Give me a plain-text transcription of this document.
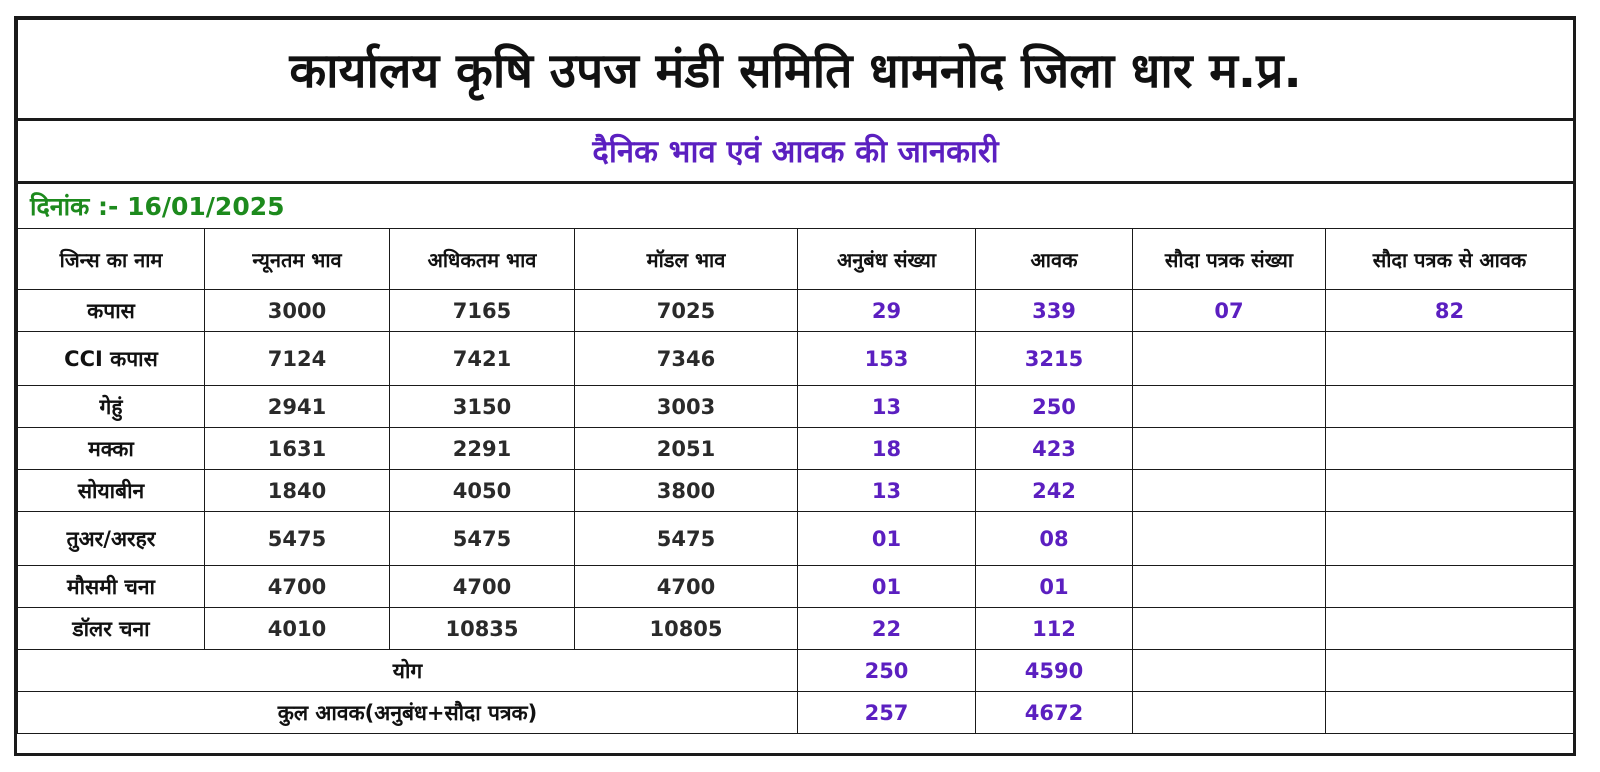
कार्यालय कृषि उपज मंडी समिति धामनोद जिला धार म.प्र.							
दैनिक भाव एवं आवक की जानकारी							
दिनांक :- 16/01/2025							
जिन्स का नाम	न्यूनतम भाव	अधिकतम भाव	मॉडल भाव	अनुबंध संख्या	आवक	सौदा पत्रक संख्या	सौदा पत्रक से आवक
कपास	3000	7165	7025	29	339	07	82
CCI कपास	7124	7421	7346	153	3215		
गेहुं	2941	3150	3003	13	250		
मक्का	1631	2291	2051	18	423		
सोयाबीन	1840	4050	3800	13	242		
तुअर/अरहर	5475	5475	5475	01	08		
मौसमी चना	4700	4700	4700	01	01		
डॉलर चना	4010	10835	10805	22	112		
योग				250	4590		
कुल आवक(अनुबंध+सौदा पत्रक)				257	4672		
